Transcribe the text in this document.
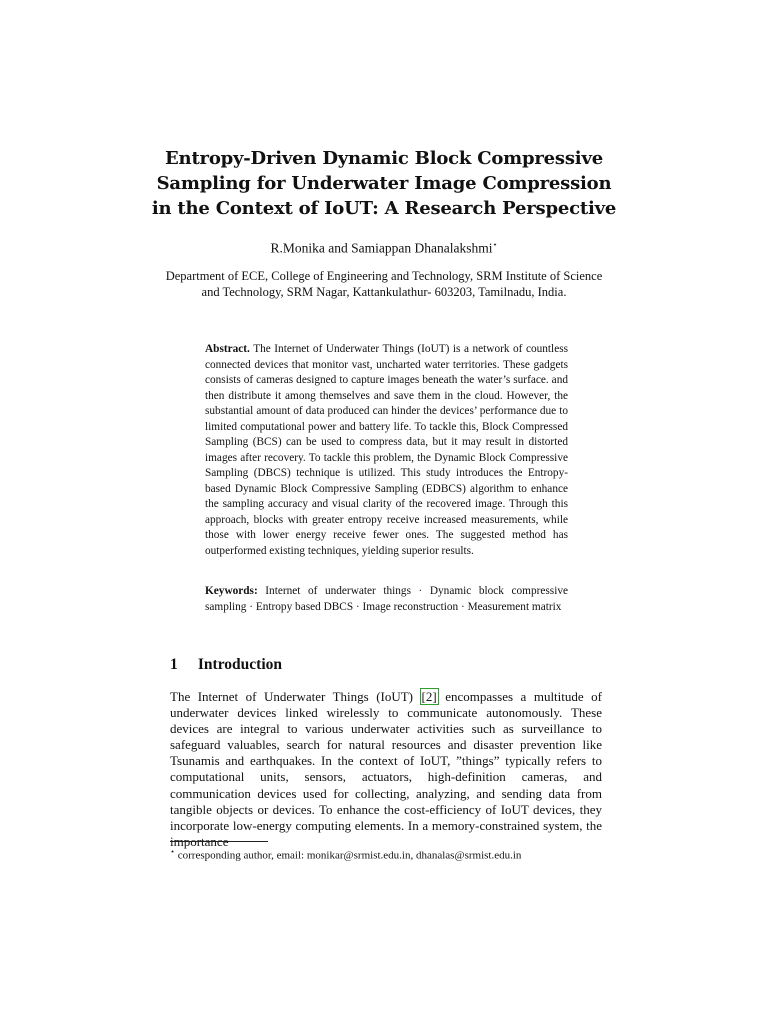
Entropy-Driven Dynamic Block Compressive Sampling for Underwater Image Compression in the Context of IoUT: A Research Perspective
R.Monika and Samiappan Dhanalakshmi⋆
Department of ECE, College of Engineering and Technology, SRM Institute of Science and Technology, SRM Nagar, Kattankulathur- 603203, Tamilnadu, India.
Abstract. The Internet of Underwater Things (IoUT) is a network of countless connected devices that monitor vast, uncharted water territories. These gadgets consists of cameras designed to capture images beneath the water’s surface. and then distribute it among themselves and save them in the cloud. However, the substantial amount of data produced can hinder the devices’ performance due to limited computational power and battery life. To tackle this, Block Compressed Sampling (BCS) can be used to compress data, but it may result in distorted images after recovery. To tackle this problem, the Dynamic Block Compressive Sampling (DBCS) technique is utilized. This study introduces the Entropy-based Dynamic Block Compressive Sampling (EDBCS) algorithm to enhance the sampling accuracy and visual clarity of the recovered image. Through this approach, blocks with greater entropy receive increased measurements, while those with lower energy receive fewer ones. The suggested method has outperformed existing techniques, yielding superior results.
Keywords: Internet of underwater things · Dynamic block compressive sampling · Entropy based DBCS · Image reconstruction · Measurement matrix
1 Introduction
The Internet of Underwater Things (IoUT) [2] encompasses a multitude of underwater devices linked wirelessly to communicate autonomously. These devices are integral to various underwater activities such as surveillance to safeguard valuables, search for natural resources and disaster prevention like Tsunamis and earthquakes. In the context of IoUT, ”things” typically refers to computational units, sensors, actuators, high-definition cameras, and communication devices used for collecting, analyzing, and sending data from tangible objects or devices. To enhance the cost-efficiency of IoUT devices, they incorporate low-energy computing elements. In a memory-constrained system, the importance
⋆ corresponding author, email: monikar@srmist.edu.in, dhanalas@srmist.edu.in
